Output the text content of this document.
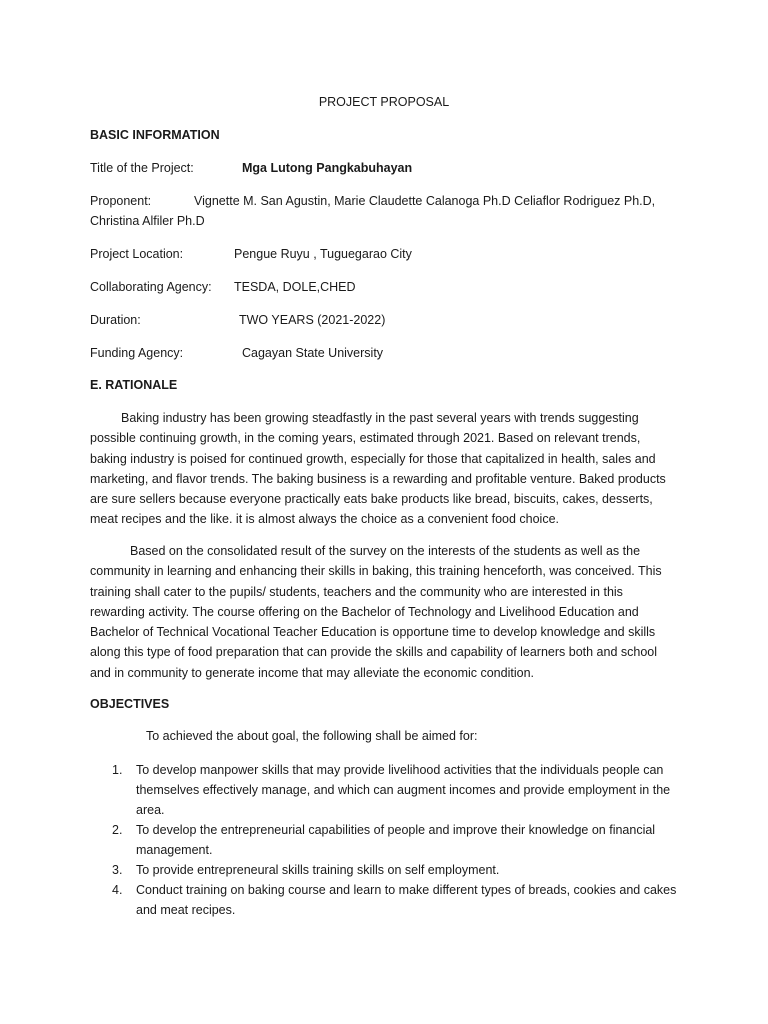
PROJECT PROPOSAL
BASIC INFORMATION
Title of the Project:	Mga Lutong Pangkabuhayan
Proponent:	Vignette M. San Agustin, Marie Claudette Calanoga Ph.D Celiaflor Rodriguez Ph.D,
Christina Alfiler Ph.D
Project Location:	Pengue Ruyu , Tuguegarao City
Collaborating Agency: TESDA, DOLE,CHED
Duration:	TWO YEARS (2021-2022)
Funding Agency:	Cagayan State University
E. RATIONALE

Baking industry has been growing steadfastly in the past several years with trends suggesting possible continuing growth, in the coming years, estimated through 2021. Based on relevant trends, baking industry is poised for continued growth, especially for those that capitalized in health, sales and marketing, and flavor trends. The baking business is a rewarding and profitable venture. Baked products are sure sellers because everyone practically eats bake products like bread, biscuits, cakes, desserts, meat recipes and the like. it is almost always the choice as a convenient food choice.

Based on the consolidated result of the survey on the interests of the students as well as the community in learning and enhancing their skills in baking, this training henceforth, was conceived. This training shall cater to the pupils/ students, teachers and the community who are interested in this rewarding activity. The course offering on the Bachelor of Technology and Livelihood Education and Bachelor of Technical Vocational Teacher Education is opportune time to develop knowledge and skills along this type of food preparation that can provide the skills and capability of learners both and school and in community to generate income that may alleviate the economic condition.

OBJECTIVES
To achieved the about goal, the following shall be aimed for:
1. To develop manpower skills that may provide livelihood activities that the individuals people can themselves effectively manage, and which can augment incomes and provide employment in the area.
2. To develop the entrepreneurial capabilities of people and improve their knowledge on financial management.
3. To provide entrepreneural skills training skills on self employment.
4. Conduct training on baking course and learn to make different types of breads, cookies and cakes and meat recipes.
